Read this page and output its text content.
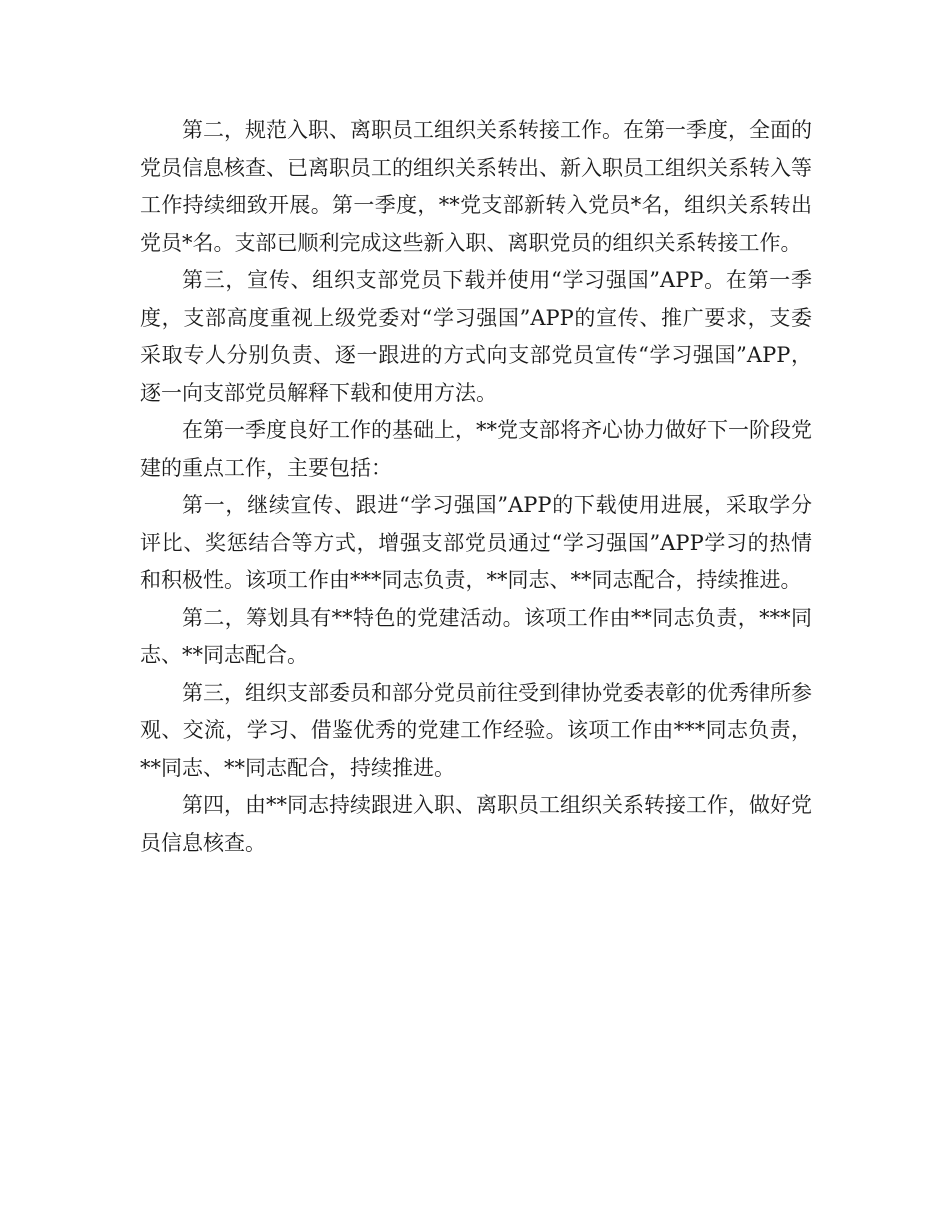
第二，规范入职、离职员工组织关系转接工作。在第一季度，全面的党员信息核查、已离职员工的组织关系转出、新入职员工组织关系转入等工作持续细致开展。第一季度，**党支部新转入党员*名，组织关系转出党员*名。支部已顺利完成这些新入职、离职党员的组织关系转接工作。

第三，宣传、组织支部党员下载并使用“学习强国”APP。在第一季度，支部高度重视上级党委对“学习强国”APP的宣传、推广要求，支委采取专人分别负责、逐一跟进的方式向支部党员宣传“学习强国”APP，逐一向支部党员解释下载和使用方法。

在第一季度良好工作的基础上，**党支部将齐心协力做好下一阶段党建的重点工作，主要包括：

第一，继续宣传、跟进“学习强国”APP的下载使用进展，采取学分评比、奖惩结合等方式，增强支部党员通过“学习强国”APP学习的热情和积极性。该项工作由***同志负责，**同志、**同志配合，持续推进。

第二，筹划具有**特色的党建活动。该项工作由**同志负责，***同志、**同志配合。

第三，组织支部委员和部分党员前往受到律协党委表彰的优秀律所参观、交流，学习、借鉴优秀的党建工作经验。该项工作由***同志负责，**同志、**同志配合，持续推进。

第四，由**同志持续跟进入职、离职员工组织关系转接工作，做好党员信息核查。
